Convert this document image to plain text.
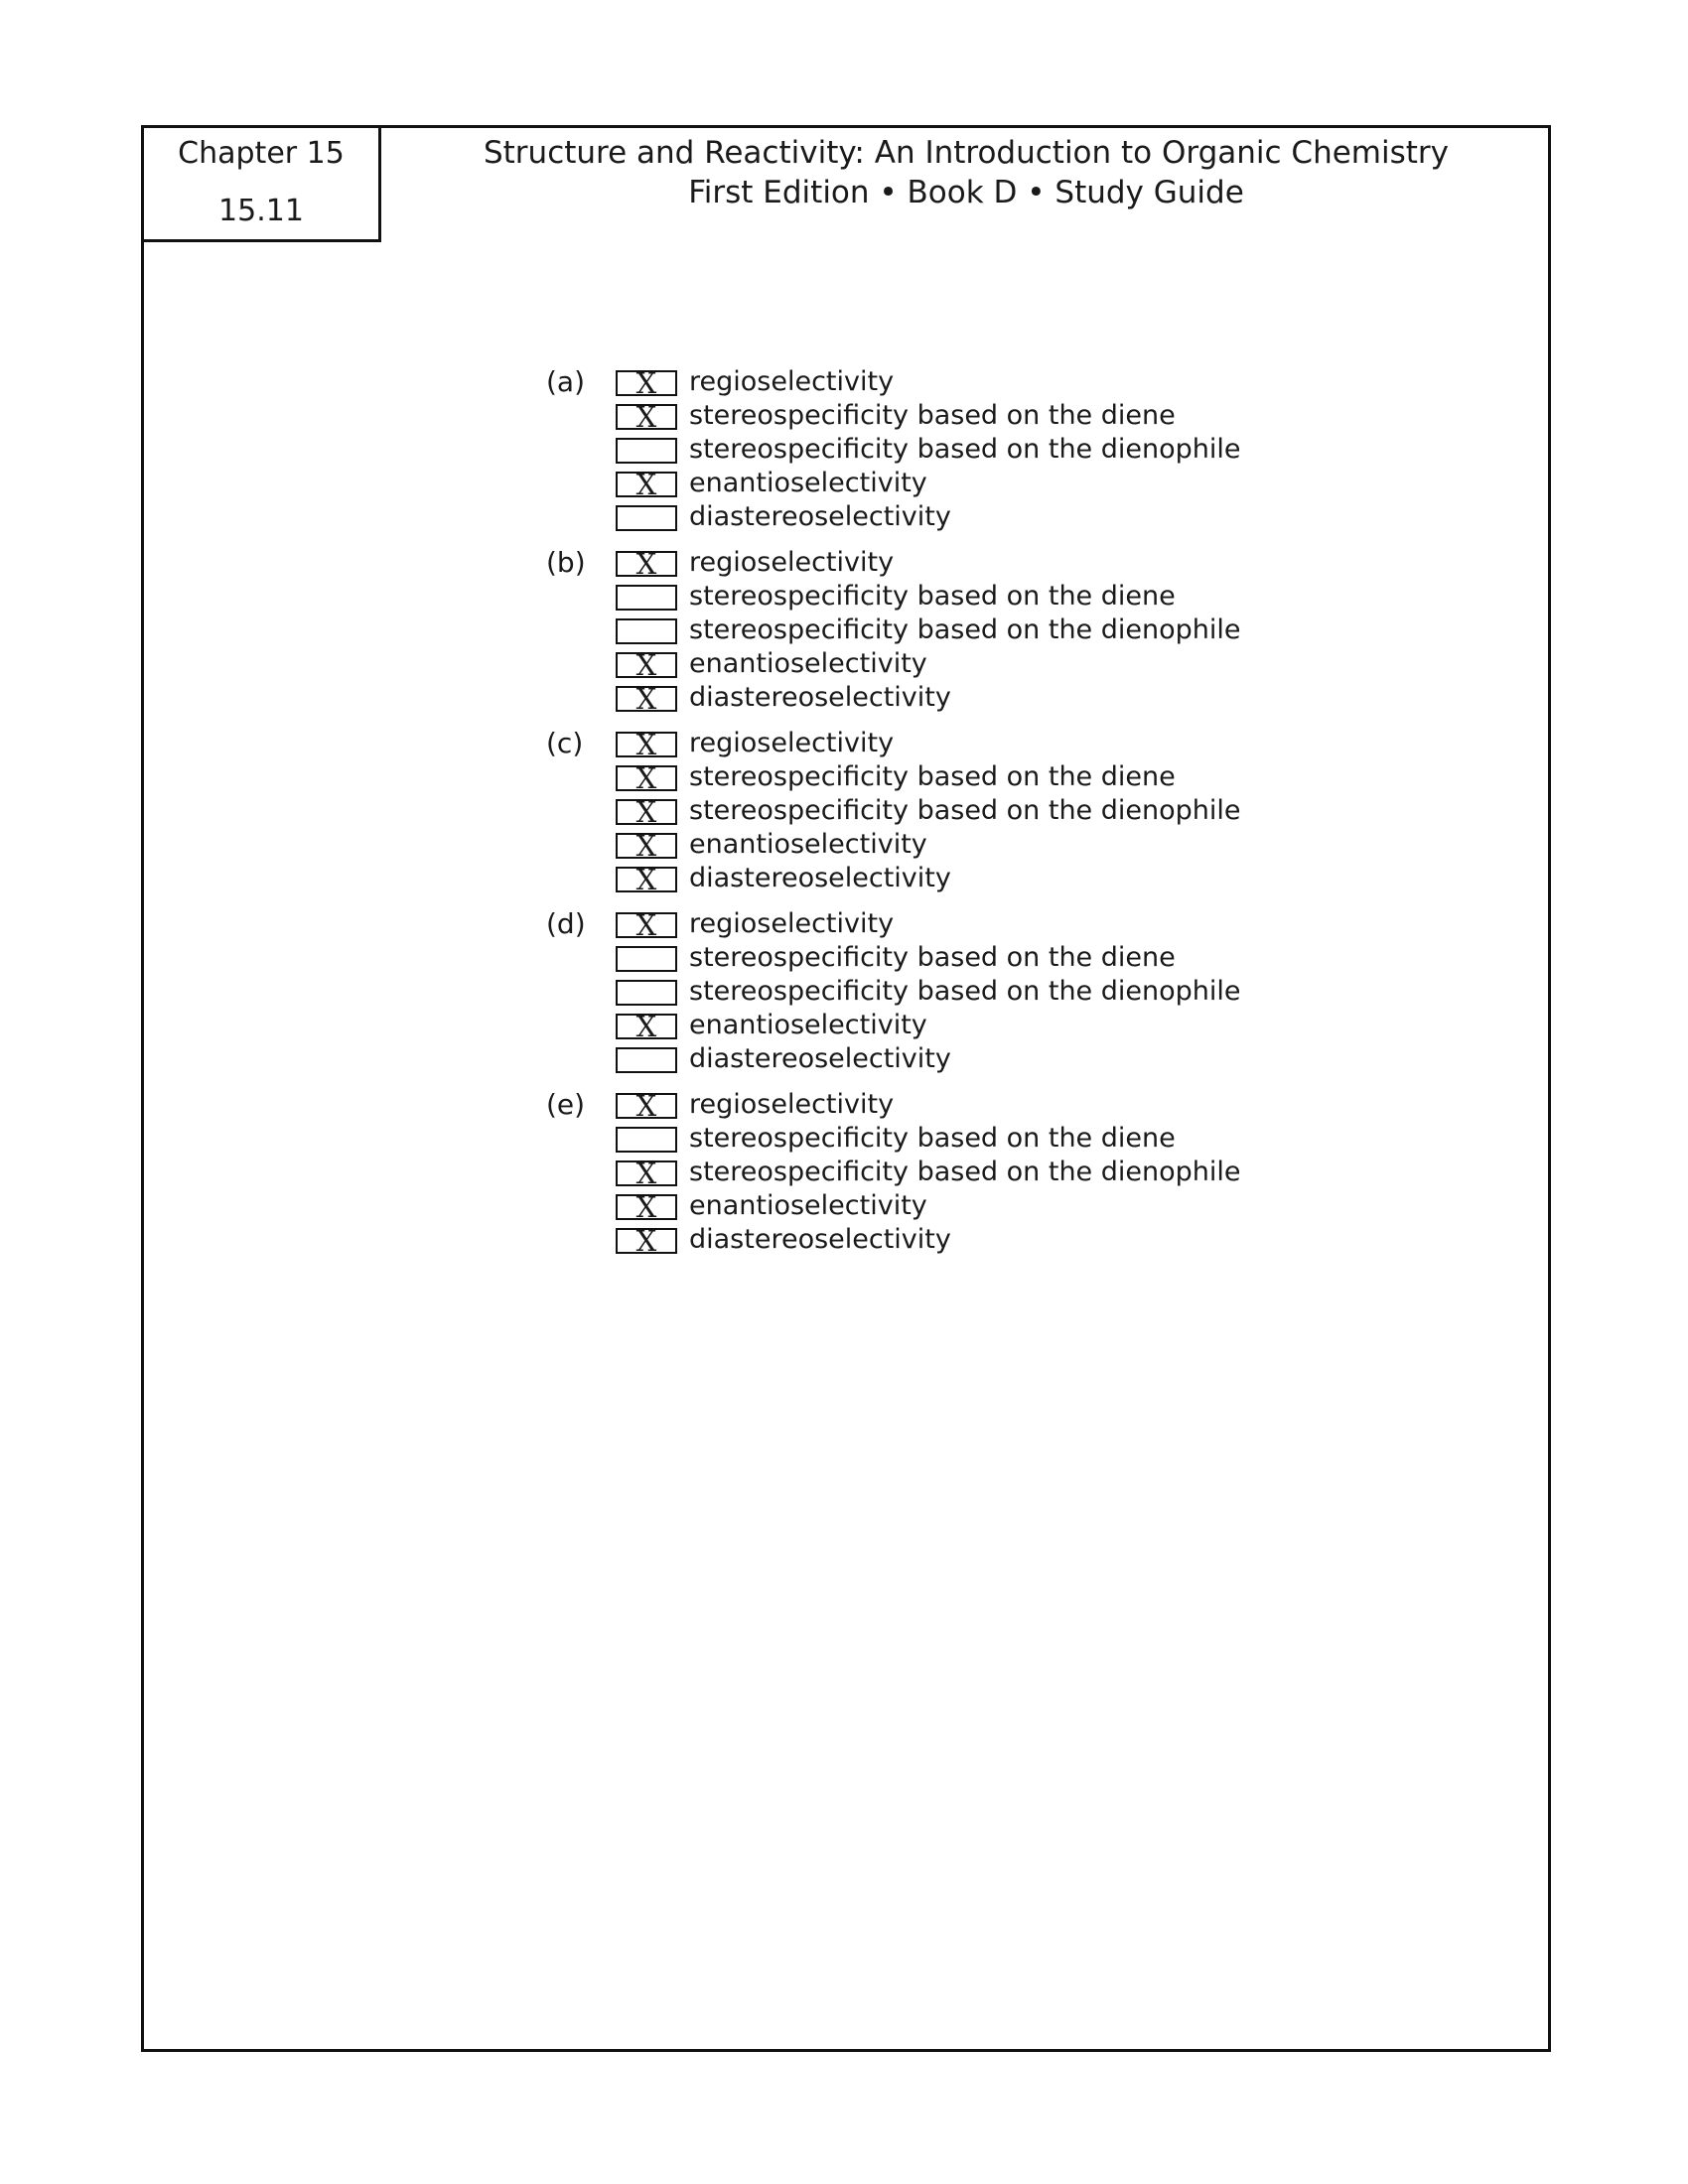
Chapter 15
15.11
Structure and Reactivity: An Introduction to Organic Chemistry
First Edition • Book D • Study Guide
(a)	X	regioselectivity
X	stereospecificity based on the diene
stereospecificity based on the dienophile
X	enantioselectivity
diastereoselectivity
(b)	X	regioselectivity
stereospecificity based on the diene
stereospecificity based on the dienophile
X	enantioselectivity
X	diastereoselectivity
(c)	X	regioselectivity
X	stereospecificity based on the diene
X	stereospecificity based on the dienophile
X	enantioselectivity
X	diastereoselectivity
(d)	X	regioselectivity
stereospecificity based on the diene
stereospecificity based on the dienophile
X	enantioselectivity
diastereoselectivity
(e)	X	regioselectivity
stereospecificity based on the diene
X	stereospecificity based on the dienophile
X	enantioselectivity
X	diastereoselectivity
